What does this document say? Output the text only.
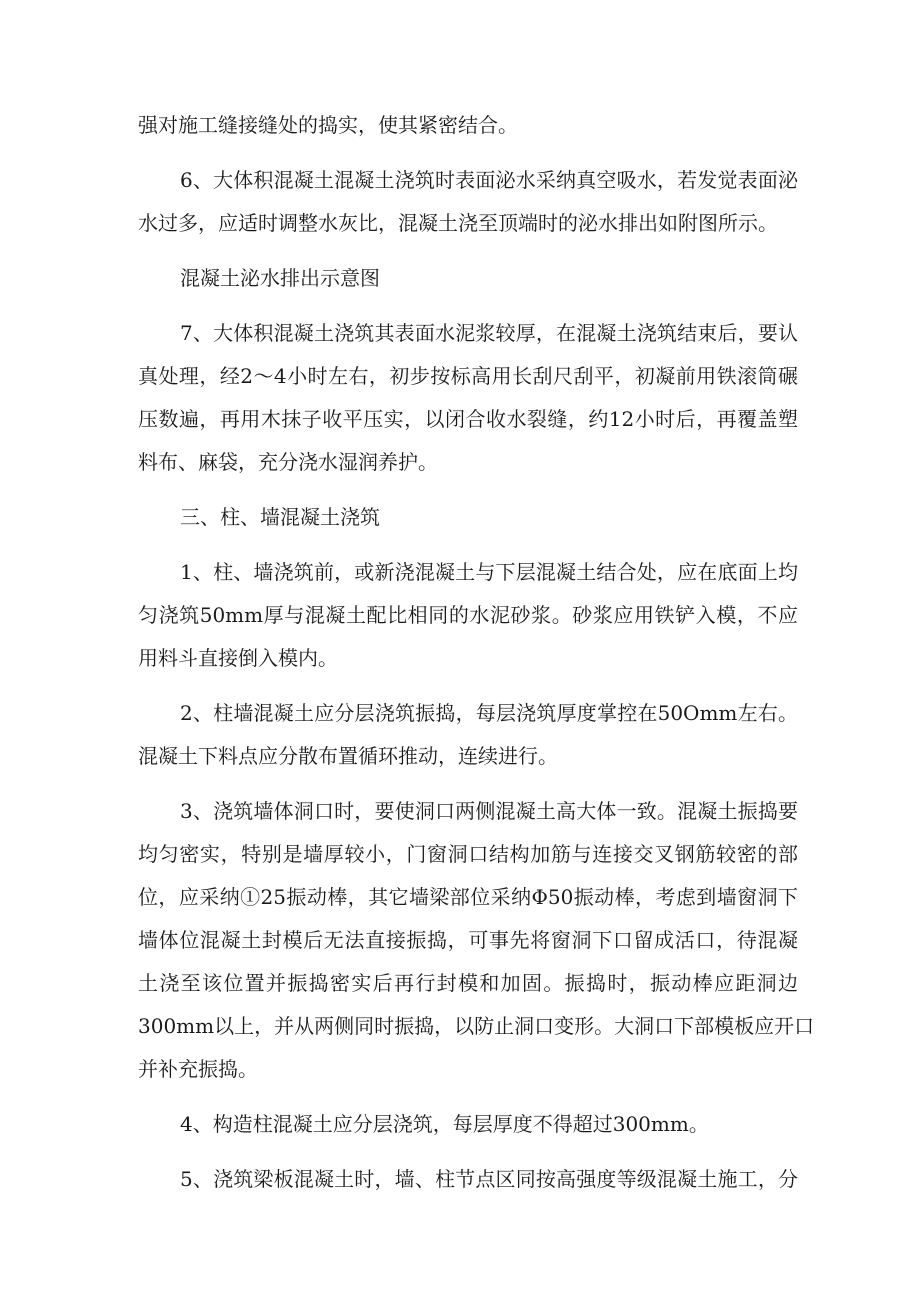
强对施工缝接缝处的捣实，使其紧密结合。
6、大体积混凝土混凝土浇筑时表面泌水采纳真空吸水，若发觉表面泌
水过多，应适时调整水灰比，混凝土浇至顶端时的泌水排出如附图所示。
混凝土泌水排出示意图
7、大体积混凝土浇筑其表面水泥浆较厚，在混凝土浇筑结束后，要认
真处理，经2～4小时左右，初步按标高用长刮尺刮平，初凝前用铁滚筒碾
压数遍，再用木抹子收平压实，以闭合收水裂缝，约12小时后，再覆盖塑
料布、麻袋，充分浇水湿润养护。
三、柱、墙混凝土浇筑
1、柱、墙浇筑前，或新浇混凝土与下层混凝土结合处，应在底面上均
匀浇筑50mm厚与混凝土配比相同的水泥砂浆。砂浆应用铁铲入模，不应
用料斗直接倒入模内。
2、柱墙混凝土应分层浇筑振捣，每层浇筑厚度掌控在50Omm左右。
混凝土下料点应分散布置循环推动，连续进行。
3、浇筑墙体洞口时，要使洞口两侧混凝土高大体一致。混凝土振捣要
均匀密实，特别是墙厚较小，门窗洞口结构加筋与连接交叉钢筋较密的部
位，应采纳①25振动棒，其它墙梁部位采纳Φ50振动棒，考虑到墙窗洞下
墙体位混凝土封模后无法直接振捣，可事先将窗洞下口留成活口，待混凝
土浇至该位置并振捣密实后再行封模和加固。振捣时，振动棒应距洞边
300mm以上，并从两侧同时振捣，以防止洞口变形。大洞口下部模板应开口
并补充振捣。
4、构造柱混凝土应分层浇筑，每层厚度不得超过300mm。
5、浇筑梁板混凝土时，墙、柱节点区同按高强度等级混凝土施工，分
